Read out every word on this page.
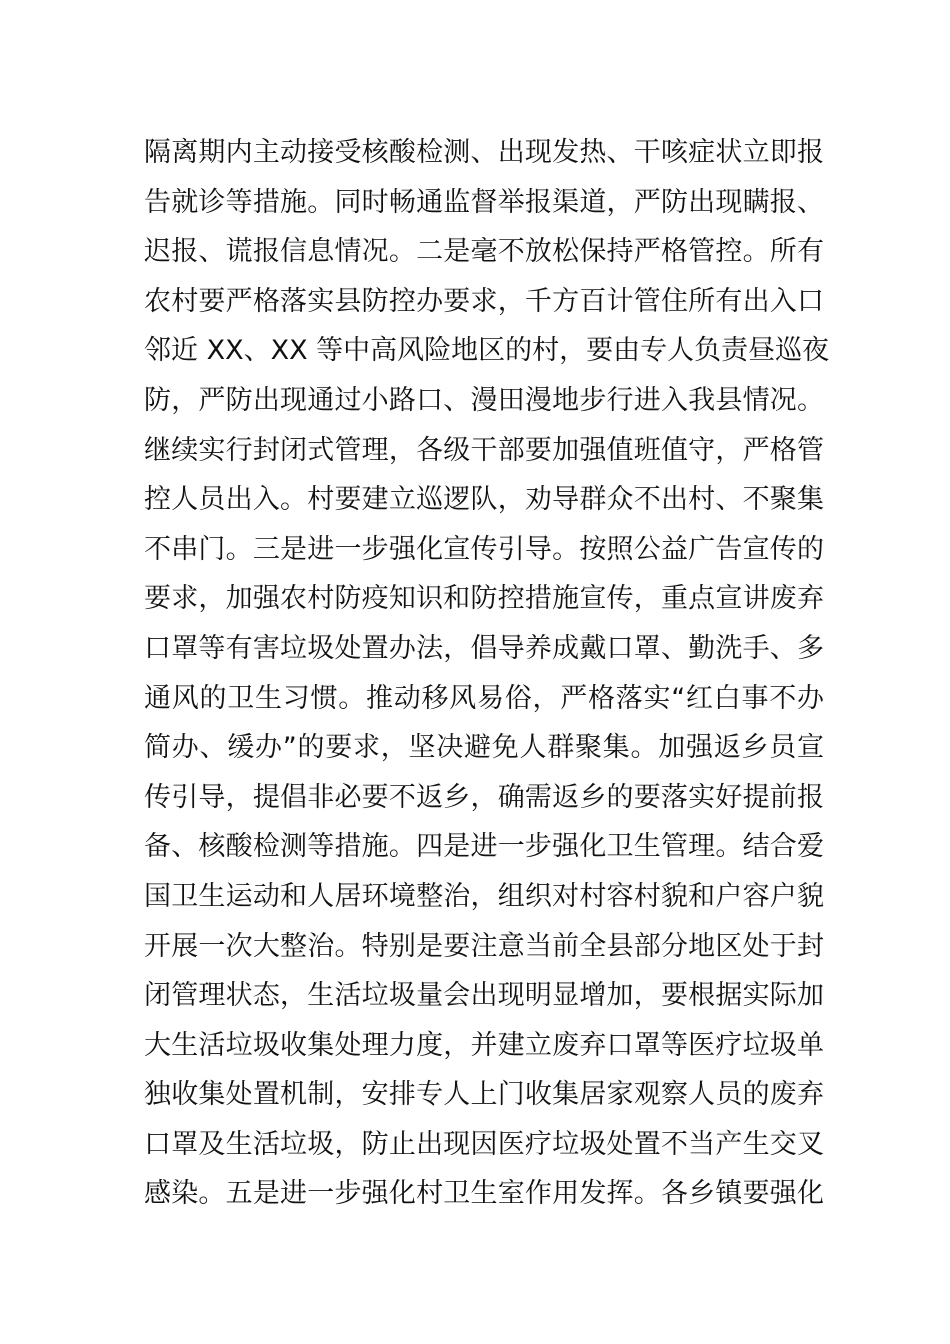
隔离期内主动接受核酸检测、出现发热、干咳症状立即报
告就诊等措施。同时畅通监督举报渠道，严防出现瞒报、
迟报、谎报信息情况。二是毫不放松保持严格管控。所有
农村要严格落实县防控办要求，千方百计管住所有出入口
邻近 XX、XX 等中高风险地区的村，要由专人负责昼巡夜
防，严防出现通过小路口、漫田漫地步行进入我县情况。
继续实行封闭式管理，各级干部要加强值班值守，严格管
控人员出入。村要建立巡逻队，劝导群众不出村、不聚集
不串门。三是进一步强化宣传引导。按照公益广告宣传的
要求，加强农村防疫知识和防控措施宣传，重点宣讲废弃
口罩等有害垃圾处置办法，倡导养成戴口罩、勤洗手、多
通风的卫生习惯。推动移风易俗，严格落实“红白事不办
简办、缓办”的要求，坚决避免人群聚集。加强返乡员宣
传引导，提倡非必要不返乡，确需返乡的要落实好提前报
备、核酸检测等措施。四是进一步强化卫生管理。结合爱
国卫生运动和人居环境整治，组织对村容村貌和户容户貌
开展一次大整治。特别是要注意当前全县部分地区处于封
闭管理状态，生活垃圾量会出现明显增加，要根据实际加
大生活垃圾收集处理力度，并建立废弃口罩等医疗垃圾单
独收集处置机制，安排专人上门收集居家观察人员的废弃
口罩及生活垃圾，防止出现因医疗垃圾处置不当产生交叉
感染。五是进一步强化村卫生室作用发挥。各乡镇要强化
